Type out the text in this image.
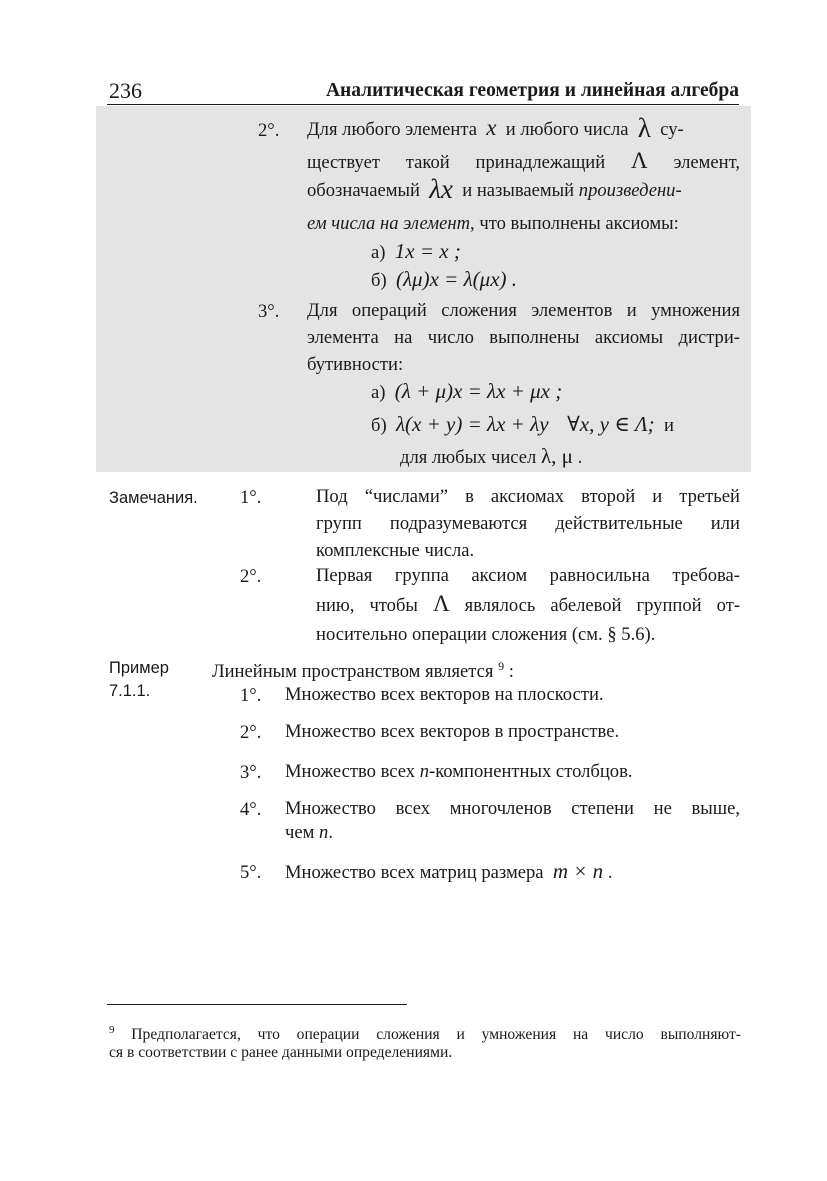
236	Аналитическая геометрия и линейная алгебра
2°. Для любого элемента x и любого числа λ су-
ществует такой принадлежащий Λ элемент,
обозначаемый λx и называемый произведени-
ем числа на элемент, что выполнены аксиомы:
а) 1x = x ;
б) (λμ)x = λ(μx) .
3°. Для операций сложения элементов и умножения
элемента на число выполнены аксиомы дистри-
бутивности:
а) (λ + μ)x = λx + μx ;
б) λ(x + y) = λx + λy ∀x, y ∈ Λ; и
для любых чисел λ, μ .
Замечания. 1°.	Под “числами” в аксиомах второй и третьей
групп подразумеваются действительные или
комплексные числа.
2°.	Первая группа аксиом равносильна требова-
нию, чтобы Λ являлось абелевой группой от-
носительно операции сложения (см. § 5.6).
Пример
7.1.1.
Линейным пространством является $^9$ :
1°. Множество всех векторов на плоскости.
2°. Множество всех векторов в пространстве.
3°. Множество всех n-компонентных столбцов.
4°. Множество всех многочленов степени не выше,
чем n.
5°. Множество всех матриц размера m × n .
$^9$ Предполагается, что операции сложения и умножения на число выполняют-
ся в соответствии с ранее данными определениями.
